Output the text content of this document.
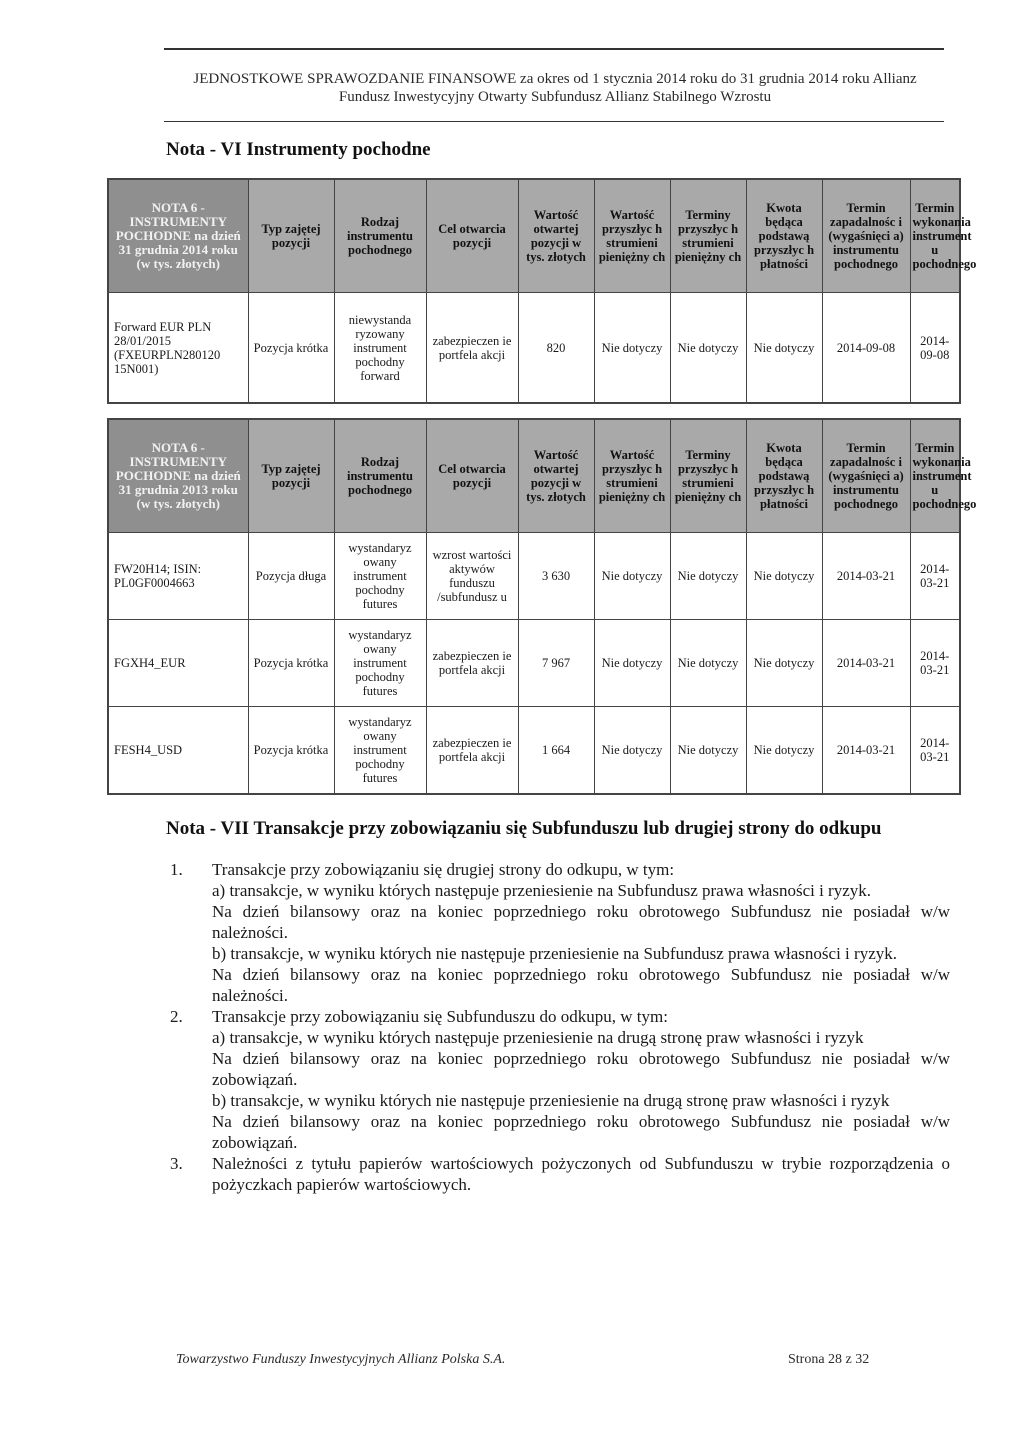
JEDNOSTKOWE SPRAWOZDANIE FINANSOWE za okres od 1 stycznia 2014 roku do 31 grudnia 2014 roku Allianz
Fundusz Inwestycyjny Otwarty Subfundusz Allianz Stabilnego Wzrostu
Nota - VI Instrumenty pochodne
NOTA 6 - INSTRUMENTY POCHODNE na dzień 31 grudnia 2014 roku (w tys. złotych)	Typ zajętej pozycji	Rodzaj instrumentu pochodnego	Cel otwarcia pozycji	Wartość otwartej pozycji w tys. złotych	Wartość przyszłyc h strumieni pieniężny ch	Terminy przyszłyc h strumieni pieniężny ch	Kwota będąca podstawą przyszłyc h płatności	Termin zapadalnośc i (wygaśnięci a) instrumentu pochodnego	Termin wykonania instrument u pochodnego
Forward EUR PLN 28/01/2015 (FXEURPLN280120 15N001)	Pozycja krótka	niewystanda ryzowany instrument pochodny forward	zabezpieczen ie portfela akcji	820	Nie dotyczy	Nie dotyczy	Nie dotyczy	2014-09-08	2014-09-08
NOTA 6 - INSTRUMENTY POCHODNE na dzień 31 grudnia 2013 roku (w tys. złotych)	Typ zajętej pozycji	Rodzaj instrumentu pochodnego	Cel otwarcia pozycji	Wartość otwartej pozycji w tys. złotych	Wartość przyszłyc h strumieni pieniężny ch	Terminy przyszłyc h strumieni pieniężny ch	Kwota będąca podstawą przyszłyc h płatności	Termin zapadalnośc i (wygaśnięci a) instrumentu pochodnego	Termin wykonania instrument u pochodnego
FW20H14; ISIN: PL0GF0004663	Pozycja długa	wystandaryz owany instrument pochodny futures	wzrost wartości aktywów funduszu /subfundusz u	3 630	Nie dotyczy	Nie dotyczy	Nie dotyczy	2014-03-21	2014-03-21
FGXH4_EUR	Pozycja krótka	wystandaryz owany instrument pochodny futures	zabezpieczen ie portfela akcji	7 967	Nie dotyczy	Nie dotyczy	Nie dotyczy	2014-03-21	2014-03-21
FESH4_USD	Pozycja krótka	wystandaryz owany instrument pochodny futures	zabezpieczen ie portfela akcji	1 664	Nie dotyczy	Nie dotyczy	Nie dotyczy	2014-03-21	2014-03-21
Nota - VII Transakcje przy zobowiązaniu się Subfunduszu lub drugiej strony do odkupu
1. Transakcje przy zobowiązaniu się drugiej strony do odkupu, w tym:

a) transakcje, w wyniku których następuje przeniesienie na Subfundusz prawa własności i ryzyk.

Na dzień bilansowy oraz na koniec poprzedniego roku obrotowego Subfundusz nie posiadał w/w należności.

b) transakcje, w wyniku których nie następuje przeniesienie na Subfundusz prawa własności i ryzyk.

Na dzień bilansowy oraz na koniec poprzedniego roku obrotowego Subfundusz nie posiadał w/w należności.

2. Transakcje przy zobowiązaniu się Subfunduszu do odkupu, w tym:

a) transakcje, w wyniku których następuje przeniesienie na drugą stronę praw własności i ryzyk

Na dzień bilansowy oraz na koniec poprzedniego roku obrotowego Subfundusz nie posiadał w/w zobowiązań.

b) transakcje, w wyniku których nie następuje przeniesienie na drugą stronę praw własności i ryzyk

Na dzień bilansowy oraz na koniec poprzedniego roku obrotowego Subfundusz nie posiadał w/w zobowiązań.

3. Należności z tytułu papierów wartościowych pożyczonych od Subfunduszu w trybie rozporządzenia o pożyczkach papierów wartościowych.

Towarzystwo Funduszy Inwestycyjnych Allianz Polska S.A.	Strona 28 z 32
